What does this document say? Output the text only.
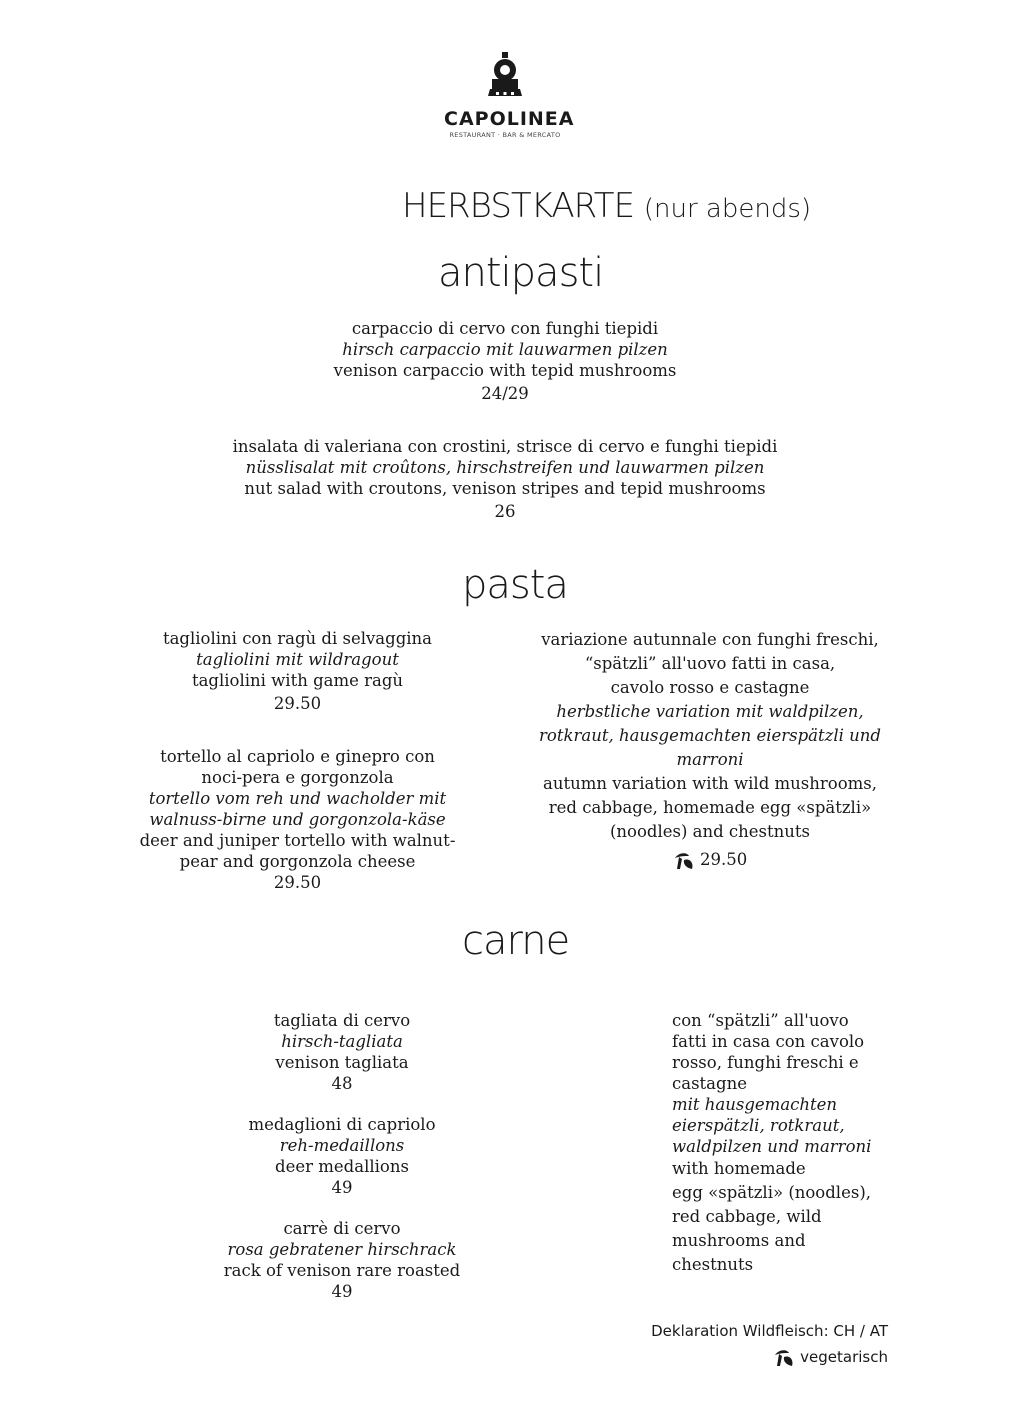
CAPOLINEA
RESTAURANT · BAR & MERCATO
HERBSTKARTE (nur abends)
antipasti
carpaccio di cervo con funghi tiepidi
hirsch carpaccio mit lauwarmen pilzen
venison carpaccio with tepid mushrooms
24/29
insalata di valeriana con crostini, strisce di cervo e funghi tiepidi
nüsslisalat mit croûtons, hirschstreifen und lauwarmen pilzen
nut salad with croutons, venison stripes and tepid mushrooms
26
pasta
tagliolini con ragù di selvaggina
tagliolini mit wildragout
tagliolini with game ragù
29.50
tortello al capriolo e ginepro con
noci-pera e gorgonzola
tortello vom reh und wacholder mit
walnuss-birne und gorgonzola-käse
deer and juniper tortello with walnut-
pear and gorgonzola cheese
29.50
variazione autunnale con funghi freschi,
“spätzli” all'uovo fatti in casa,
cavolo rosso e castagne
herbstliche variation mit waldpilzen,
rotkraut, hausgemachten eierspätzli und
marroni
autumn variation with wild mushrooms,
red cabbage, homemade egg «spätzli»
(noodles) and chestnuts
29.50
carne
tagliata di cervo
hirsch-tagliata
venison tagliata
48
medaglioni di capriolo
reh-medaillons
deer medallions
49
carrè di cervo
rosa gebratener hirschrack
rack of venison rare roasted
49
con “spätzli” all'uovo
fatti in casa con cavolo
rosso, funghi freschi e
castagne
mit hausgemachten
eierspätzli, rotkraut,
waldpilzen und marroni
with homemade
egg «spätzli» (noodles),
red cabbage, wild
mushrooms and
chestnuts
Deklaration Wildfleisch: CH / AT
vegetarisch
